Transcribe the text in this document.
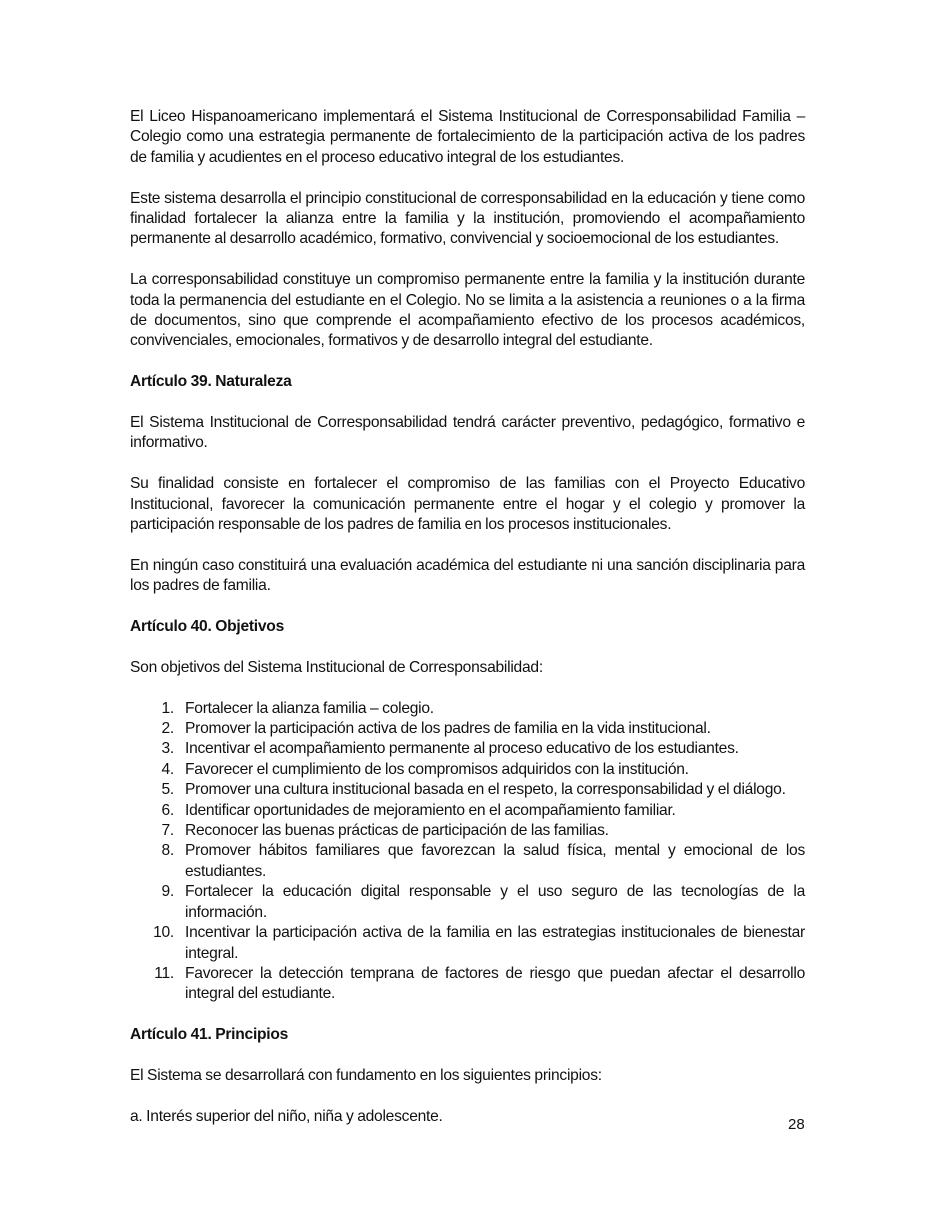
El Liceo Hispanoamericano implementará el Sistema Institucional de Corresponsabilidad Familia – Colegio como una estrategia permanente de fortalecimiento de la participación activa de los padres de familia y acudientes en el proceso educativo integral de los estudiantes.

Este sistema desarrolla el principio constitucional de corresponsabilidad en la educación y tiene como finalidad fortalecer la alianza entre la familia y la institución, promoviendo el acompañamiento permanente al desarrollo académico, formativo, convivencial y socioemocional de los estudiantes.

La corresponsabilidad constituye un compromiso permanente entre la familia y la institución durante toda la permanencia del estudiante en el Colegio. No se limita a la asistencia a reuniones o a la firma de documentos, sino que comprende el acompañamiento efectivo de los procesos académicos, convivenciales, emocionales, formativos y de desarrollo integral del estudiante.

Artículo 39. Naturaleza

El Sistema Institucional de Corresponsabilidad tendrá carácter preventivo, pedagógico, formativo e informativo.

Su finalidad consiste en fortalecer el compromiso de las familias con el Proyecto Educativo Institucional, favorecer la comunicación permanente entre el hogar y el colegio y promover la participación responsable de los padres de familia en los procesos institucionales.

En ningún caso constituirá una evaluación académica del estudiante ni una sanción disciplinaria para los padres de familia.

Artículo 40. Objetivos

Son objetivos del Sistema Institucional de Corresponsabilidad:

1. Fortalecer la alianza familia – colegio.
2. Promover la participación activa de los padres de familia en la vida institucional.
3. Incentivar el acompañamiento permanente al proceso educativo de los estudiantes.
4. Favorecer el cumplimiento de los compromisos adquiridos con la institución.
5. Promover una cultura institucional basada en el respeto, la corresponsabilidad y el diálogo.
6. Identificar oportunidades de mejoramiento en el acompañamiento familiar.
7. Reconocer las buenas prácticas de participación de las familias.
8. Promover hábitos familiares que favorezcan la salud física, mental y emocional de los estudiantes.
9. Fortalecer la educación digital responsable y el uso seguro de las tecnologías de la información.
10. Incentivar la participación activa de la familia en las estrategias institucionales de bienestar integral.
11. Favorecer la detección temprana de factores de riesgo que puedan afectar el desarrollo integral del estudiante.
Artículo 41. Principios

El Sistema se desarrollará con fundamento en los siguientes principios:

a. Interés superior del niño, niña y adolescente.	28
